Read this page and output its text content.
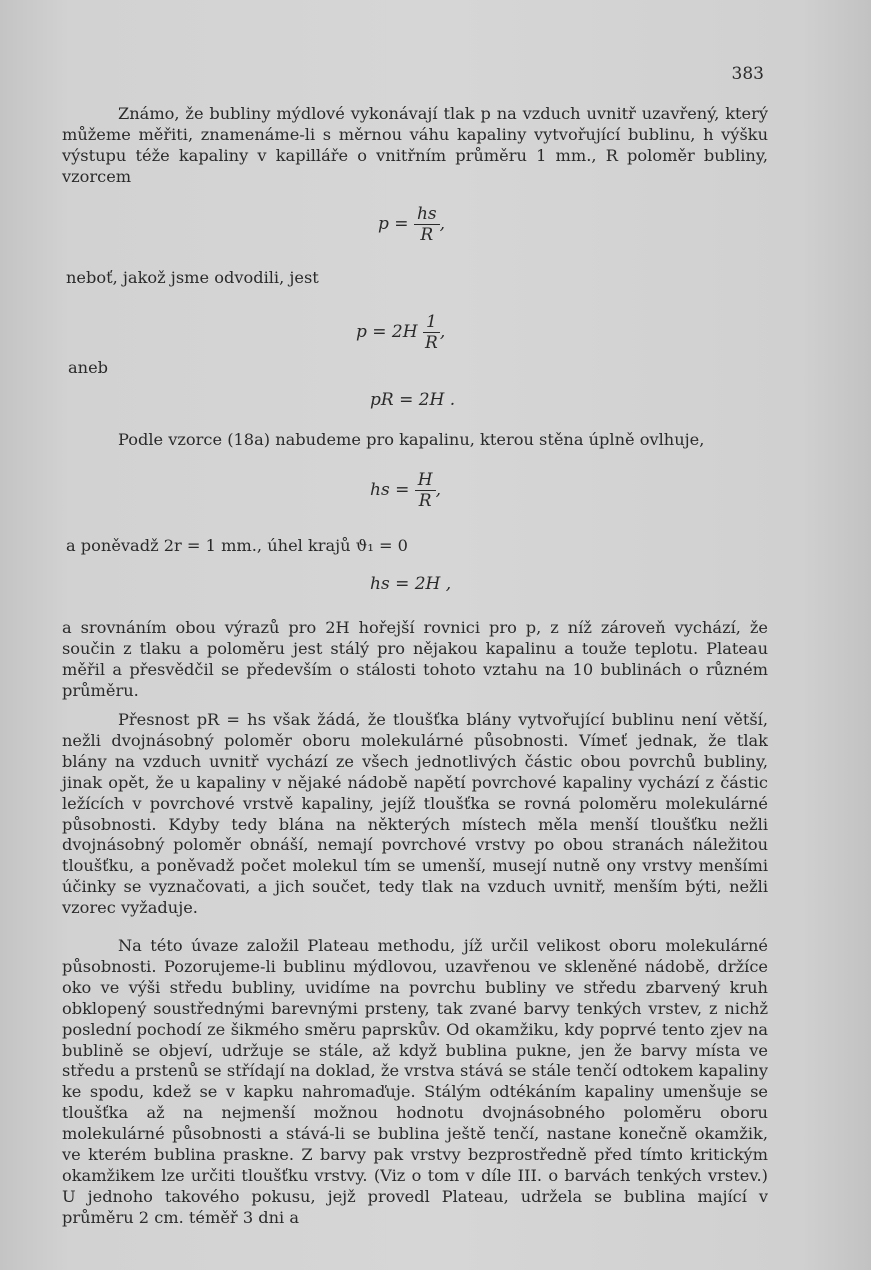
383

Známo, že bubliny mýdlové vykonávají tlak p na vzduch uvnitř uzavřený, který můžeme měřiti, znamenáme-li s měrnou váhu kapaliny vytvořující bublinu, h výšku výstupu téže kapaliny v kapilláře o vnitřním průměru 1 mm., R poloměr bubliny, vzorcem

$p = \frac{hs}{R}$ ,

neboť, jakož jsme odvodili, jest

$p = 2H \frac{1}{R}$ ,
aneb
pR = 2H .

Podle vzorce (18a) nabudeme pro kapalinu, kterou stěna úplně ovlhuje,

hs = $\frac{H}{R}$ ,

a poněvadž 2r = 1 mm., úhel krajů ϑ₁ = 0

hs = 2H ,

a srovnáním obou výrazů pro 2H hořejší rovnici pro p, z níž zároveň vychází, že součin z tlaku a poloměru jest stálý pro nějakou kapalinu a touže teplotu. Plateau měřil a přesvědčil se především o stálosti tohoto vztahu na 10 bublinách o různém průměru.

Přesnost pR = hs však žádá, že tloušťka blány vytvořující bublinu není větší, nežli dvojnásobný poloměr oboru molekulárné působnosti. Vímeť jednak, že tlak blány na vzduch uvnitř vychází ze všech jednotlivých částic obou povrchů bubliny, jinak opět, že u kapaliny v nějaké nádobě napětí povrchové kapaliny vychází z částic ležících v povrchové vrstvě kapaliny, jejíž tloušťka se rovná poloměru molekulárné působnosti. Kdyby tedy blána na některých místech měla menší tloušťku nežli dvojnásobný poloměr obnáší, nemají povrchové vrstvy po obou stranách náležitou tloušťku, a poněvadž počet molekul tím se umenší, musejí nutně ony vrstvy menšími účinky se vyznačovati, a jich součet, tedy tlak na vzduch uvnitř, menším býti, nežli vzorec vyžaduje.

Na této úvaze založil Plateau methodu, jíž určil velikost oboru molekulárné působnosti. Pozorujeme-li bublinu mýdlovou, uzavřenou ve skleněné nádobě, držíce oko ve výši středu bubliny, uvidíme na povrchu bubliny ve středu zbarvený kruh obklopený soustřednými barevnými prsteny, tak zvané barvy tenkých vrstev, z nichž poslední pochodí ze šikmého směru paprskův. Od okamžiku, kdy poprvé tento zjev na bublině se objeví, udržuje se stále, až když bublina pukne, jen že barvy místa ve středu a prstenů se střídají na doklad, že vrstva stává se stále tenčí odtokem kapaliny ke spodu, kdež se v kapku nahromaďuje. Stálým odtékáním kapaliny umenšuje se tloušťka až na nejmenší možnou hodnotu dvojnásobného poloměru oboru molekulárné působnosti a stává-li se bublina ještě tenčí, nastane konečně okamžik, ve kterém bublina praskne. Z barvy pak vrstvy bezprostředně před tímto kritickým okamžikem lze určiti tloušťku vrstvy. (Viz o tom v díle III. o barvách tenkých vrstev.) U jednoho takového pokusu, jejž provedl Plateau, udržela se bublina mající v průměru 2 cm. téměř 3 dni a
